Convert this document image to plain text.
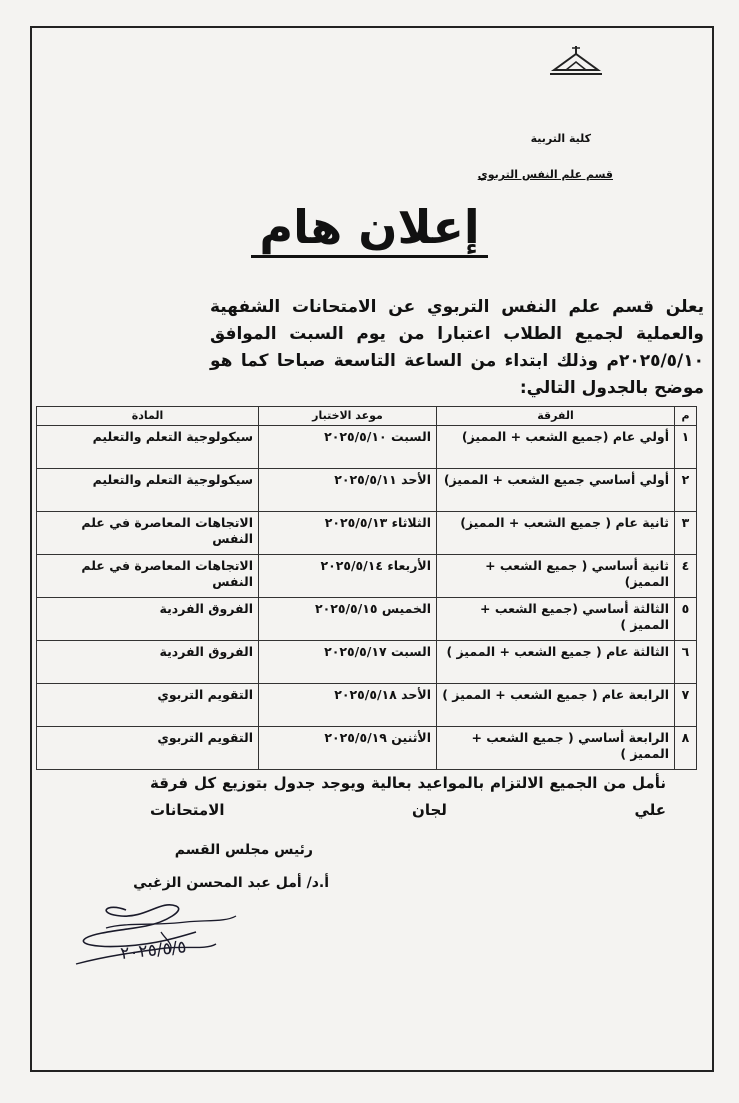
كلية التربية
قسم علم النفس التربوي
إعلان هام
يعلن قسم علم النفس التربوي عن الامتحانات الشفهية والعملية لجميع الطلاب اعتبارا من يوم السبت الموافق ٢٠٢٥/٥/١٠م وذلك ابتداء من الساعة التاسعة صباحا كما هو موضح بالجدول التالي:
م	الفرقة	موعد الاختبار	المادة
١	أولي عام (جميع الشعب + المميز)	السبت ٢٠٢٥/٥/١٠	سيكولوجية التعلم والتعليم
٢	أولي أساسي جميع الشعب + المميز)	الأحد ٢٠٢٥/٥/١١	سيكولوجية التعلم والتعليم
٣	ثانية عام ( جميع الشعب + المميز)	الثلاثاء ٢٠٢٥/٥/١٣	الاتجاهات المعاصرة في علم النفس
٤	ثانية أساسي ( جميع الشعب + المميز)	الأربعاء ٢٠٢٥/٥/١٤	الاتجاهات المعاصرة في علم النفس
٥	الثالثة أساسي (جميع الشعب + المميز )	الخميس ٢٠٢٥/٥/١٥	الفروق الفردية
٦	الثالثة عام ( جميع الشعب + المميز )	السبت ٢٠٢٥/٥/١٧	الفروق الفردية
٧	الرابعة عام ( جميع الشعب + المميز )	الأحد ٢٠٢٥/٥/١٨	التقويم التربوي
٨	الرابعة أساسي ( جميع الشعب + المميز )	الأثنين ٢٠٢٥/٥/١٩	التقويم التربوي
نأمل من الجميع الالتزام بالمواعيد بعالية ويوجد جدول بتوزيع كل فرقة علي لجان الامتحانات
رئيس مجلس القسم
أ.د/ أمل عبد المحسن الزغبي
٢٠٢٥/٥/٥
